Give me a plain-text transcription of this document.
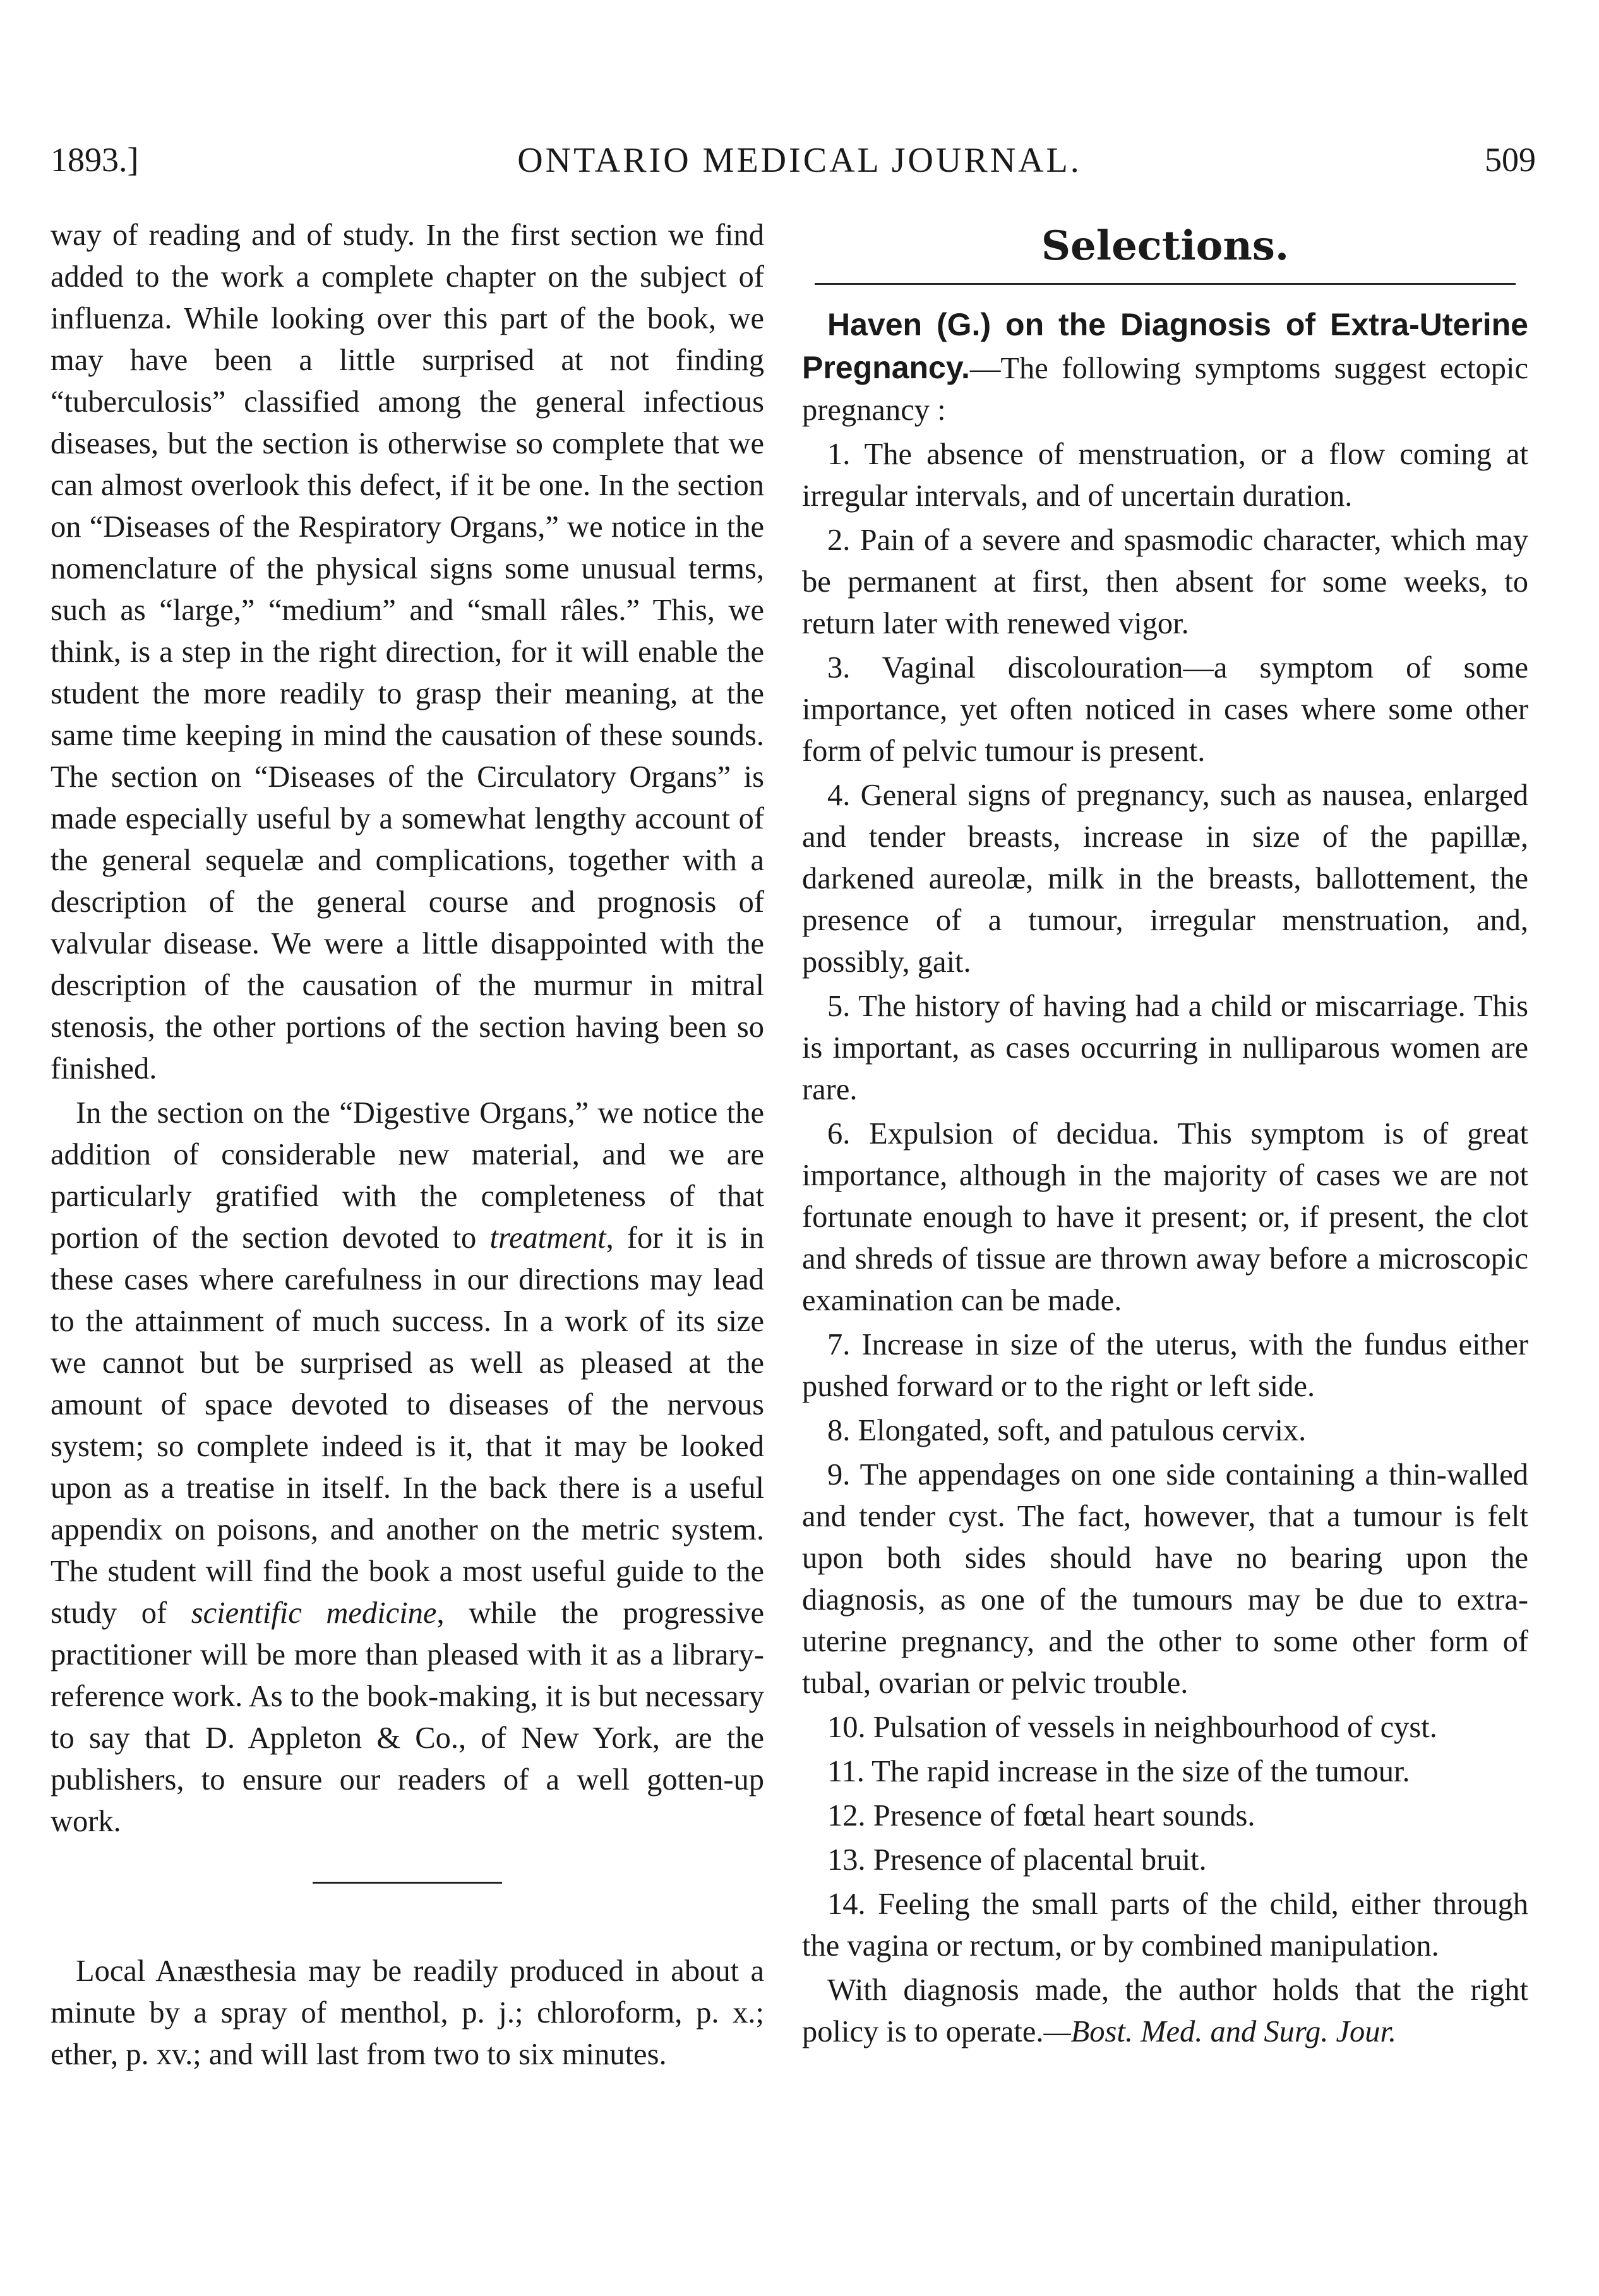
1893.]	ONTARIO MEDICAL JOURNAL.	509

way of reading and of study. In the first section we find added to the work a complete chapter on the subject of influenza. While looking over this part of the book, we may have been a little surprised at not finding “tuberculosis” classified among the general infectious diseases, but the section is otherwise so complete that we can almost overlook this defect, if it be one. In the section on “Diseases of the Respiratory Organs,” we notice in the nomenclature of the physical signs some unusual terms, such as “large,” “medium” and “small râles.” This, we think, is a step in the right direction, for it will enable the student the more readily to grasp their meaning, at the same time keeping in mind the causation of these sounds. The section on “Diseases of the Circulatory Organs” is made especially useful by a somewhat lengthy account of the general sequelæ and complications, together with a description of the general course and prognosis of valvular disease. We were a little disappointed with the description of the causation of the murmur in mitral stenosis, the other portions of the section having been so finished.

In the section on the “Digestive Organs,” we notice the addition of considerable new material, and we are particularly gratified with the completeness of that portion of the section devoted to treatment, for it is in these cases where carefulness in our directions may lead to the attainment of much success. In a work of its size we cannot but be surprised as well as pleased at the amount of space devoted to diseases of the nervous system; so complete indeed is it, that it may be looked upon as a treatise in itself. In the back there is a useful appendix on poisons, and another on the metric system. The student will find the book a most useful guide to the study of scientific medicine, while the progressive practitioner will be more than pleased with it as a library-reference work. As to the book-making, it is but necessary to say that D. Appleton & Co., of New York, are the publishers, to ensure our readers of a well gotten-up work.

Local Anæsthesia may be readily produced in about a minute by a spray of menthol, p. j.; chloroform, p. x.; ether, p. xv.; and will last from two to six minutes.

Selections.

Haven (G.) on the Diagnosis of Extra-Uterine Pregnancy.—The following symptoms suggest ectopic pregnancy :

1. The absence of menstruation, or a flow coming at irregular intervals, and of uncertain duration.

2. Pain of a severe and spasmodic character, which may be permanent at first, then absent for some weeks, to return later with renewed vigor.

3. Vaginal discolouration—a symptom of some importance, yet often noticed in cases where some other form of pelvic tumour is present.

4. General signs of pregnancy, such as nausea, enlarged and tender breasts, increase in size of the papillæ, darkened aureolæ, milk in the breasts, ballottement, the presence of a tumour, irregular menstruation, and, possibly, gait.

5. The history of having had a child or miscarriage. This is important, as cases occurring in nulliparous women are rare.

6. Expulsion of decidua. This symptom is of great importance, although in the majority of cases we are not fortunate enough to have it present; or, if present, the clot and shreds of tissue are thrown away before a microscopic examination can be made.

7. Increase in size of the uterus, with the fundus either pushed forward or to the right or left side.

8. Elongated, soft, and patulous cervix.

9. The appendages on one side containing a thin-walled and tender cyst. The fact, however, that a tumour is felt upon both sides should have no bearing upon the diagnosis, as one of the tumours may be due to extra-uterine pregnancy, and the other to some other form of tubal, ovarian or pelvic trouble.

10. Pulsation of vessels in neighbourhood of cyst.

11. The rapid increase in the size of the tumour.

12. Presence of fœtal heart sounds.

13. Presence of placental bruit.

14. Feeling the small parts of the child, either through the vagina or rectum, or by combined manipulation.

With diagnosis made, the author holds that the right policy is to operate.—Bost. Med. and Surg. Jour.
